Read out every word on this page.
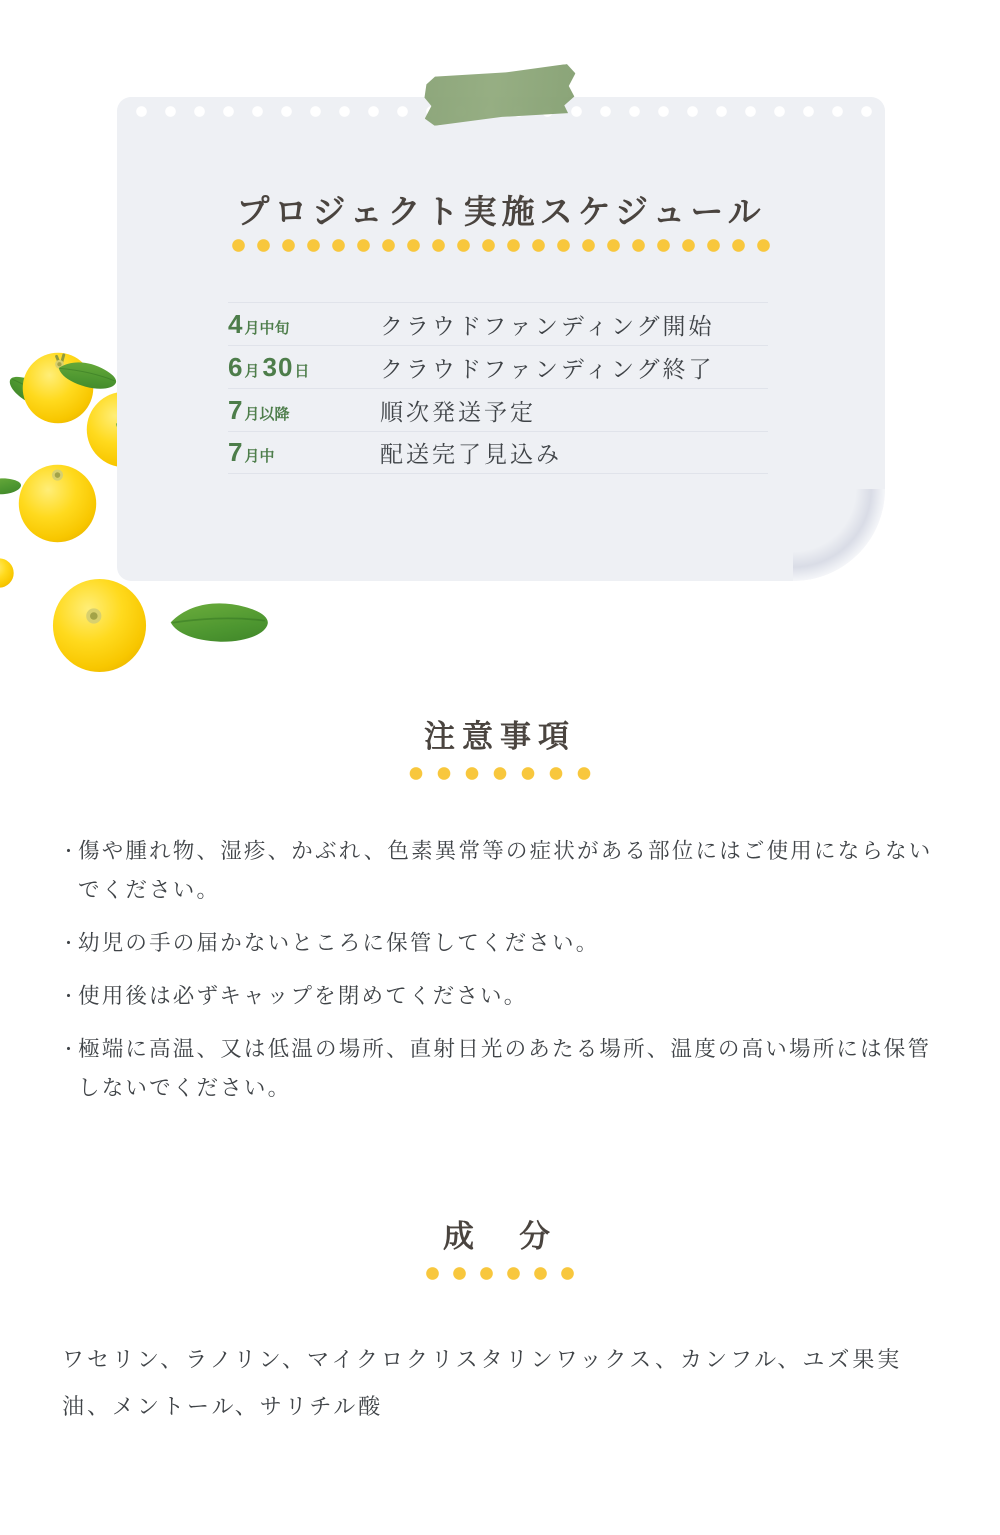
プロジェクト実施スケジュール
4 月中旬	クラウドファンディング開始
6 月 30 日	クラウドファンディング終了
7 月以降	順次発送予定
7 月中	配送完了見込み
注意事項
・ 傷や腫れ物、湿疹、かぶれ、色素異常等の症状がある部位にはご使用にならないでください。
・ 幼児の手の届かないところに保管してください。
・ 使用後は必ずキャップを閉めてください。
・ 極端に高温、又は低温の場所、直射日光のあたる場所、温度の高い場所には保管しないでください。
成　分

ワセリン、ラノリン、マイクロクリスタリンワックス、カンフル、ユズ果実油、メントール、サリチル酸
